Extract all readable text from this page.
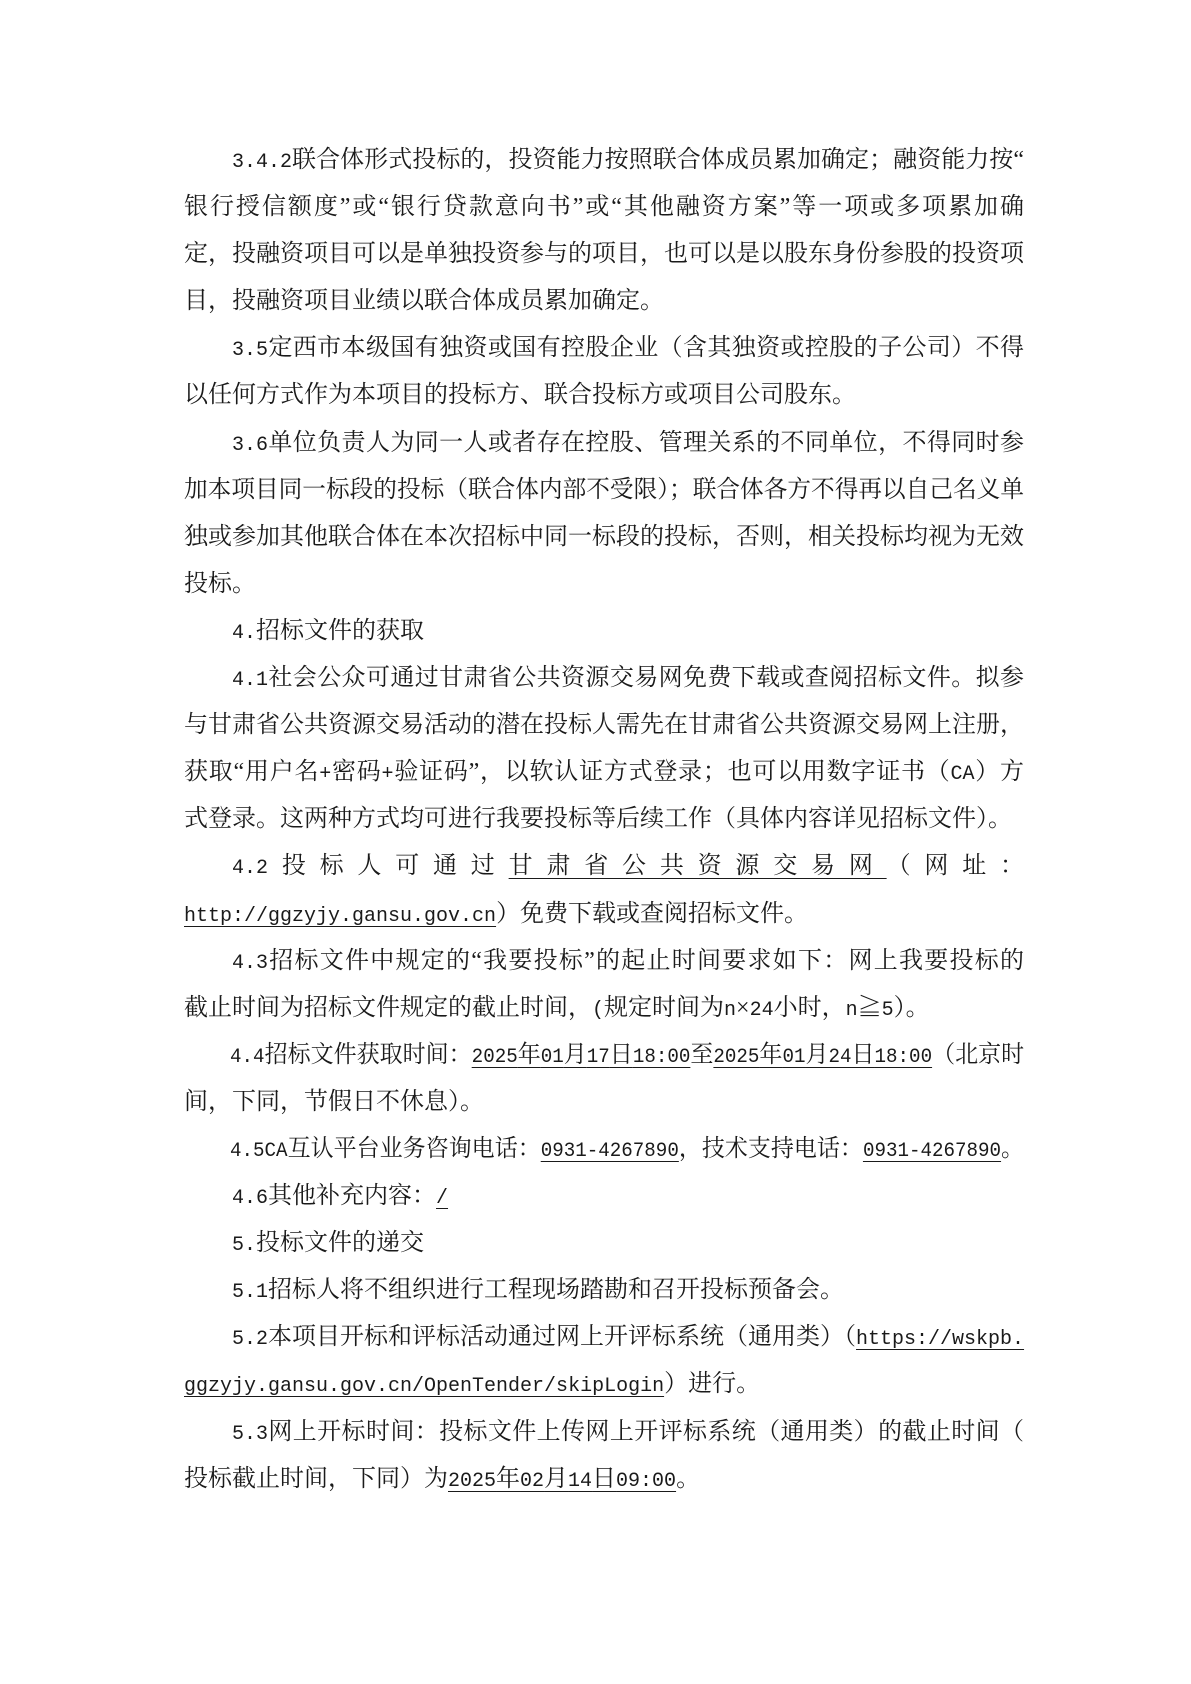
3.4.2联合体形式投标的，投资能力按照联合体成员累加确定；融资能力按“
银行授信额度”或“银行贷款意向书”或“其他融资方案”等一项或多项累加确
定，投融资项目可以是单独投资参与的项目，也可以是以股东身份参股的投资项
目，投融资项目业绩以联合体成员累加确定。
3.5定西市本级国有独资或国有控股企业（含其独资或控股的子公司）不得
以任何方式作为本项目的投标方、联合投标方或项目公司股东。
3.6单位负责人为同一人或者存在控股、管理关系的不同单位，不得同时参
加本项目同一标段的投标（联合体内部不受限）；联合体各方不得再以自己名义单
独或参加其他联合体在本次招标中同一标段的投标，否则，相关投标均视为无效
投标。
4.招标文件的获取
4.1社会公众可通过甘肃省公共资源交易网免费下载或查阅招标文件。拟参
与甘肃省公共资源交易活动的潜在投标人需先在甘肃省公共资源交易网上注册，
获取“用户名+密码+验证码”，以软认证方式登录；也可以用数字证书（CA）方
式登录。这两种方式均可进行我要投标等后续工作（具体内容详见招标文件）。
4.2投标人可通过甘肃省公共资源交易网（网址：
http://ggzyjy.gansu.gov.cn）免费下载或查阅招标文件。
4.3招标文件中规定的“我要投标”的起止时间要求如下：网上我要投标的
截止时间为招标文件规定的截止时间，(规定时间为n×24小时，n≧5）。
4.4招标文件获取时间：2025年01月17日18:00至2025年01月24日18:00（北京时
间，下同，节假日不休息）。
4.5CA互认平台业务咨询电话：0931-4267890，技术支持电话：0931-4267890。
4.6其他补充内容：/
5.投标文件的递交
5.1招标人将不组织进行工程现场踏勘和召开投标预备会。
5.2本项目开标和评标活动通过网上开评标系统（通用类）（https://wskpb.
ggzyjy.gansu.gov.cn/OpenTender/skipLogin）进行。
5.3网上开标时间：投标文件上传网上开评标系统（通用类）的截止时间（
投标截止时间，下同）为2025年02月14日09:00。
